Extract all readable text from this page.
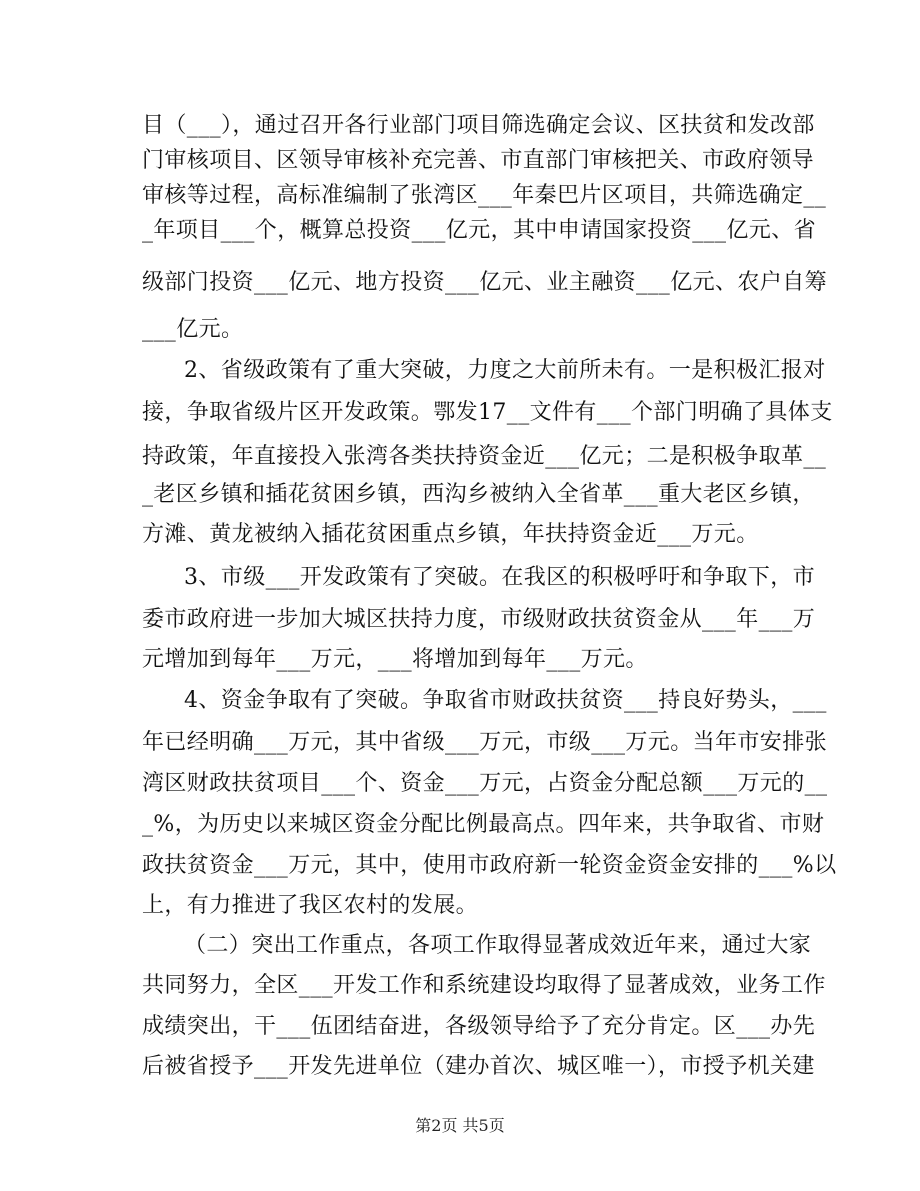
目（___），通过召开各行业部门项目筛选确定会议、区扶贫和发改部
门审核项目、区领导审核补充完善、市直部门审核把关、市政府领导
审核等过程，高标准编制了张湾区___年秦巴片区项目，共筛选确定__
_年项目___个，概算总投资___亿元，其中申请国家投资___亿元、省
级部门投资___亿元、地方投资___亿元、业主融资___亿元、农户自筹
___亿元。
2、省级政策有了重大突破，力度之大前所未有。一是积极汇报对
接，争取省级片区开发政策。鄂发17__文件有___个部门明确了具体支
持政策，年直接投入张湾各类扶持资金近___亿元；二是积极争取革__
_老区乡镇和插花贫困乡镇，西沟乡被纳入全省革___重大老区乡镇，
方滩、黄龙被纳入插花贫困重点乡镇，年扶持资金近___万元。
3、市级___开发政策有了突破。在我区的积极呼吁和争取下，市
委市政府进一步加大城区扶持力度，市级财政扶贫资金从___年___万
元增加到每年___万元，___将增加到每年___万元。
4、资金争取有了突破。争取省市财政扶贫资___持良好势头，___
年已经明确___万元，其中省级___万元，市级___万元。当年市安排张
湾区财政扶贫项目___个、资金___万元，占资金分配总额___万元的__
_%，为历史以来城区资金分配比例最高点。四年来，共争取省、市财
政扶贫资金___万元，其中，使用市政府新一轮资金资金安排的___%以
上，有力推进了我区农村的发展。
（二）突出工作重点，各项工作取得显著成效近年来，通过大家
共同努力，全区___开发工作和系统建设均取得了显著成效，业务工作
成绩突出，干___伍团结奋进，各级领导给予了充分肯定。区___办先
后被省授予___开发先进单位（建办首次、城区唯一），市授予机关建
第2页 共5页
